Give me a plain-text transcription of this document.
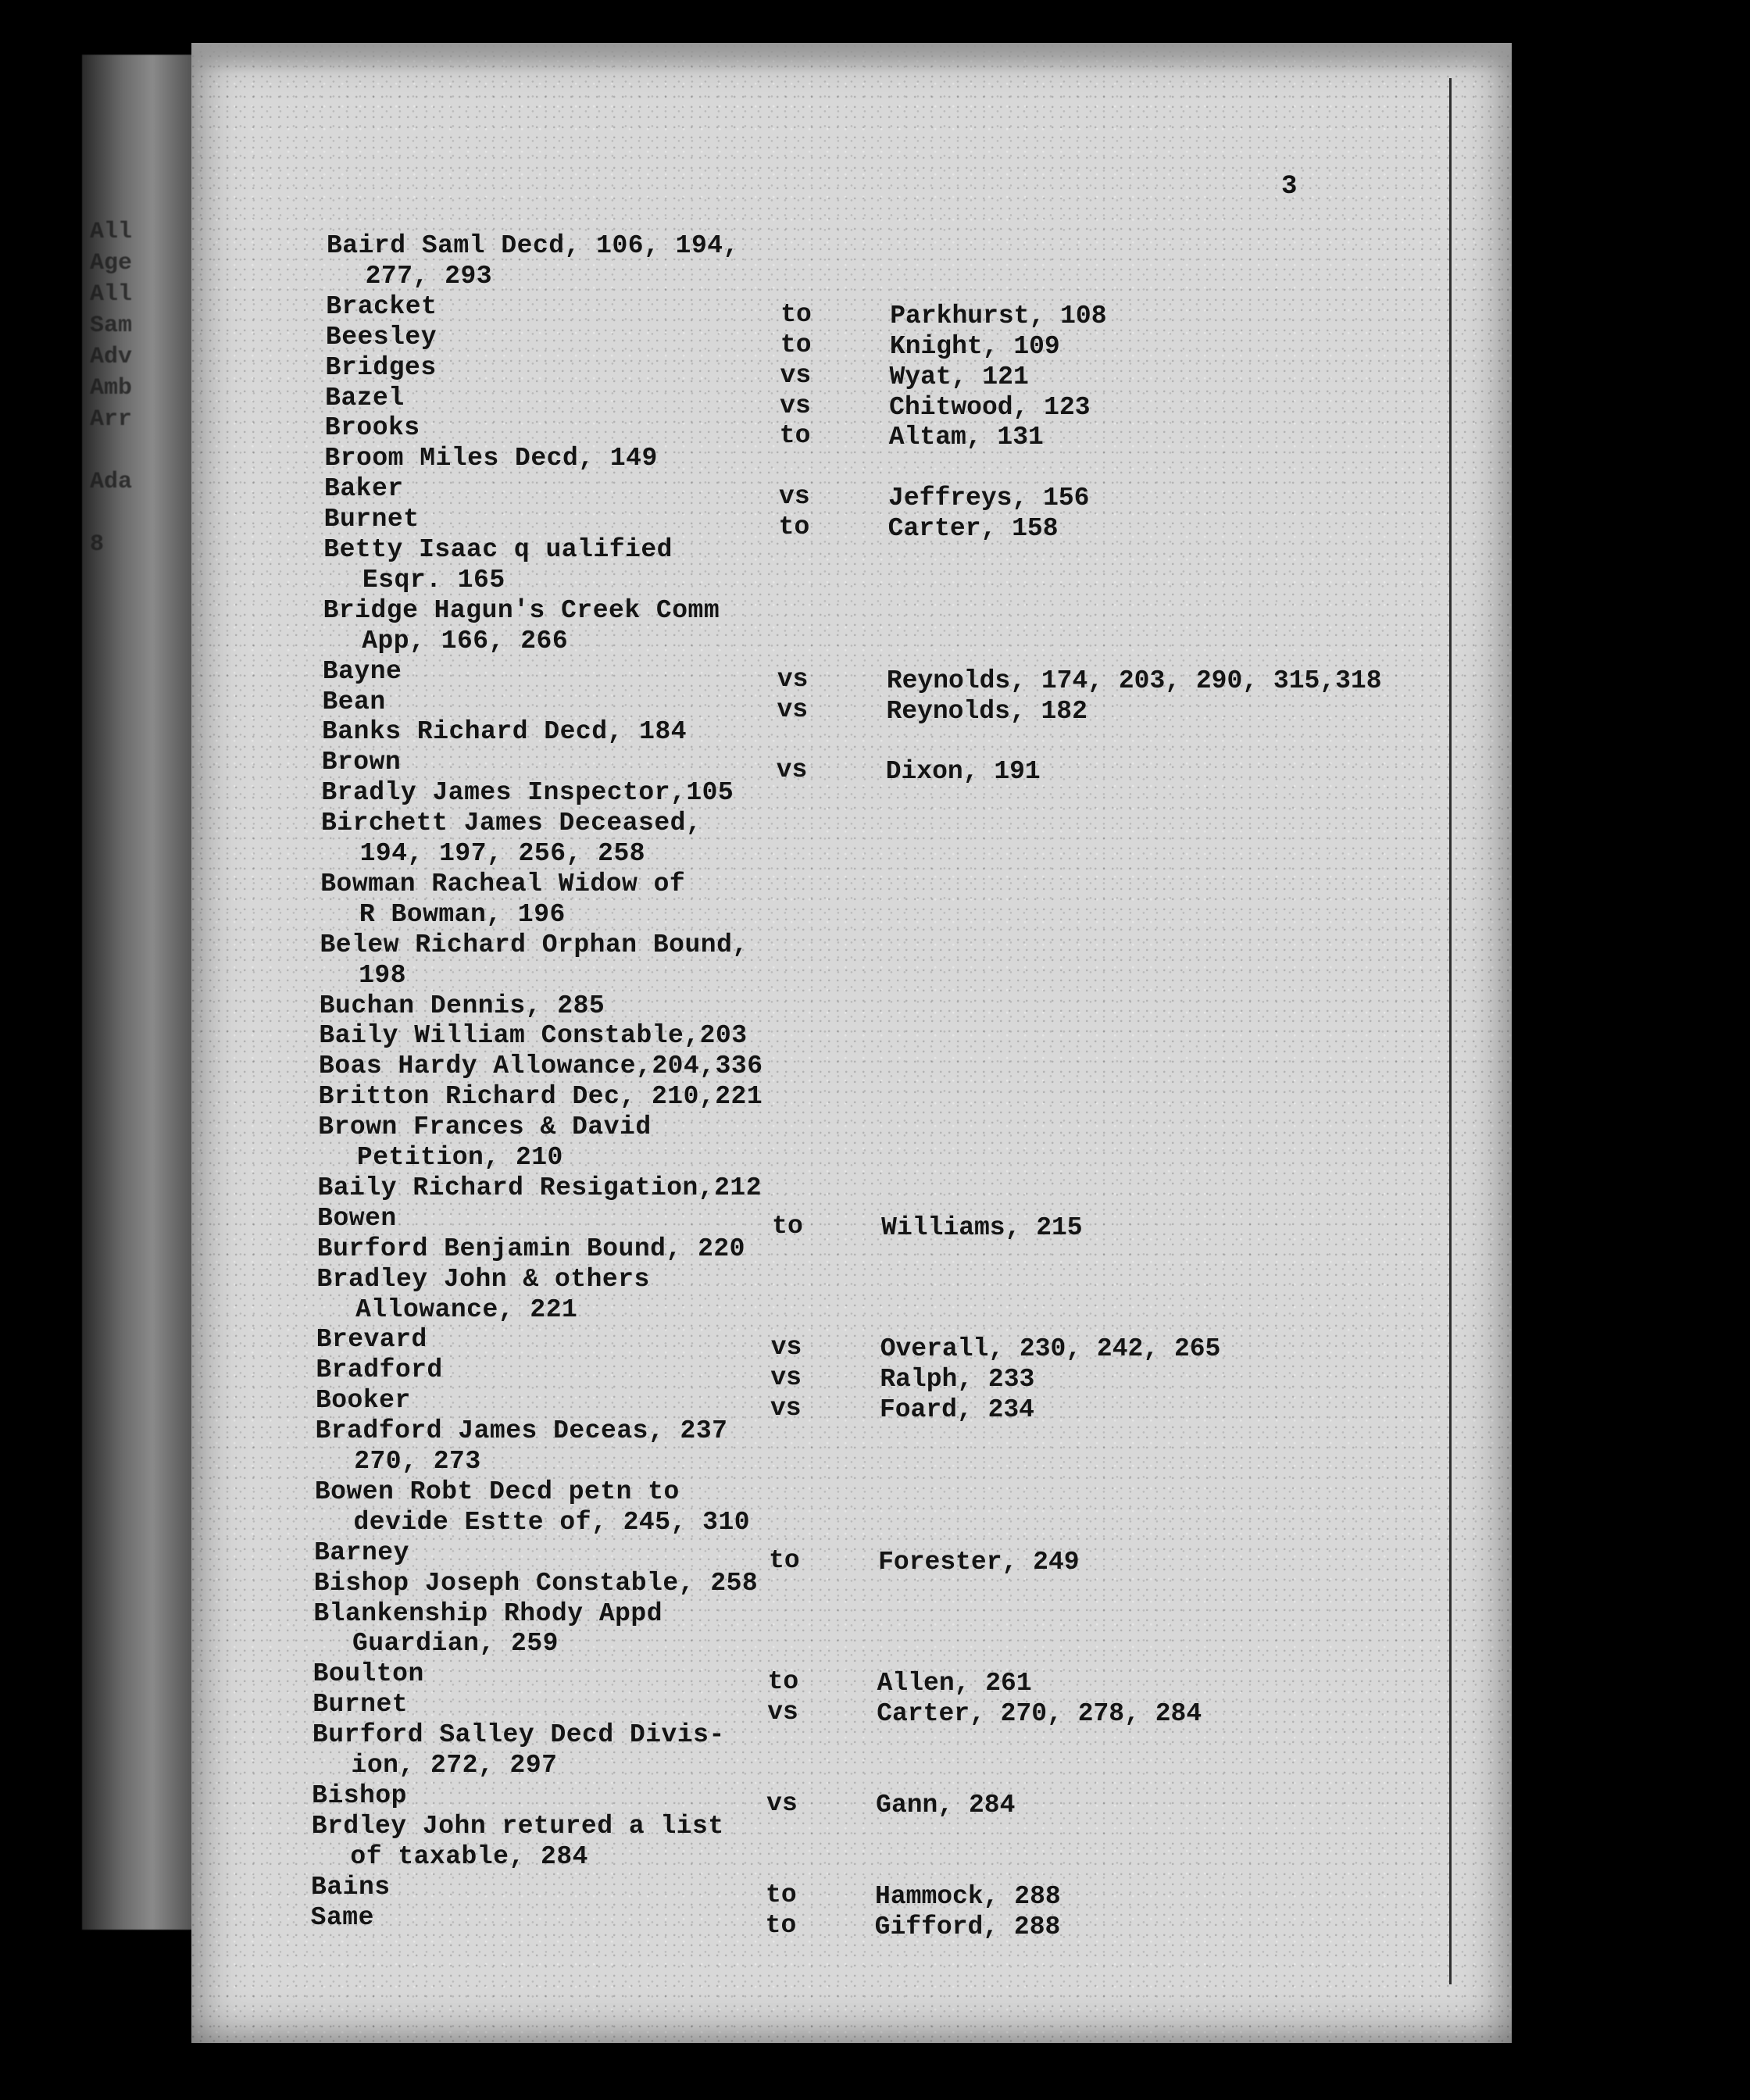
All
Age
All
Sam
Adv
Amb
Arr
Ada
8
3
Baird Saml Decd, 106, 194,
277, 293
Bracket	to	Parkhurst, 108
Beesley	to	Knight, 109
Bridges	vs	Wyat, 121
Bazel	vs	Chitwood, 123
Brooks	to	Altam, 131
Broom Miles Decd, 149
Baker	vs	Jeffreys, 156
Burnet	to	Carter, 158
Betty Isaac q ualified
Esqr. 165
Bridge Hagun's Creek Comm
App, 166, 266
Bayne	vs	Reynolds, 174, 203, 290, 315,318
Bean	vs	Reynolds, 182
Banks Richard Decd, 184
Brown	vs	Dixon, 191
Bradly James Inspector,105
Birchett James Deceased,
194, 197, 256, 258
Bowman Racheal Widow of
R Bowman, 196
Belew Richard Orphan Bound,
198
Buchan Dennis, 285
Baily William Constable,203
Boas Hardy Allowance,204,336
Britton Richard Dec, 210,221
Brown Frances & David
Petition, 210
Baily Richard Resigation,212
Bowen	to	Williams, 215
Burford Benjamin Bound, 220
Bradley John & others
Allowance, 221
Brevard	vs	Overall, 230, 242, 265
Bradford	vs	Ralph, 233
Booker	vs	Foard, 234
Bradford James Deceas, 237
270, 273
Bowen Robt Decd petn to
devide Estte of, 245, 310
Barney	to	Forester, 249
Bishop Joseph Constable, 258
Blankenship Rhody Appd
Guardian, 259
Boulton	to	Allen, 261
Burnet	vs	Carter, 270, 278, 284
Burford Salley Decd Divis-
ion, 272, 297
Bishop	vs	Gann, 284
Brdley John retured a list
of taxable, 284
Bains	to	Hammock, 288
Same	to	Gifford, 288
